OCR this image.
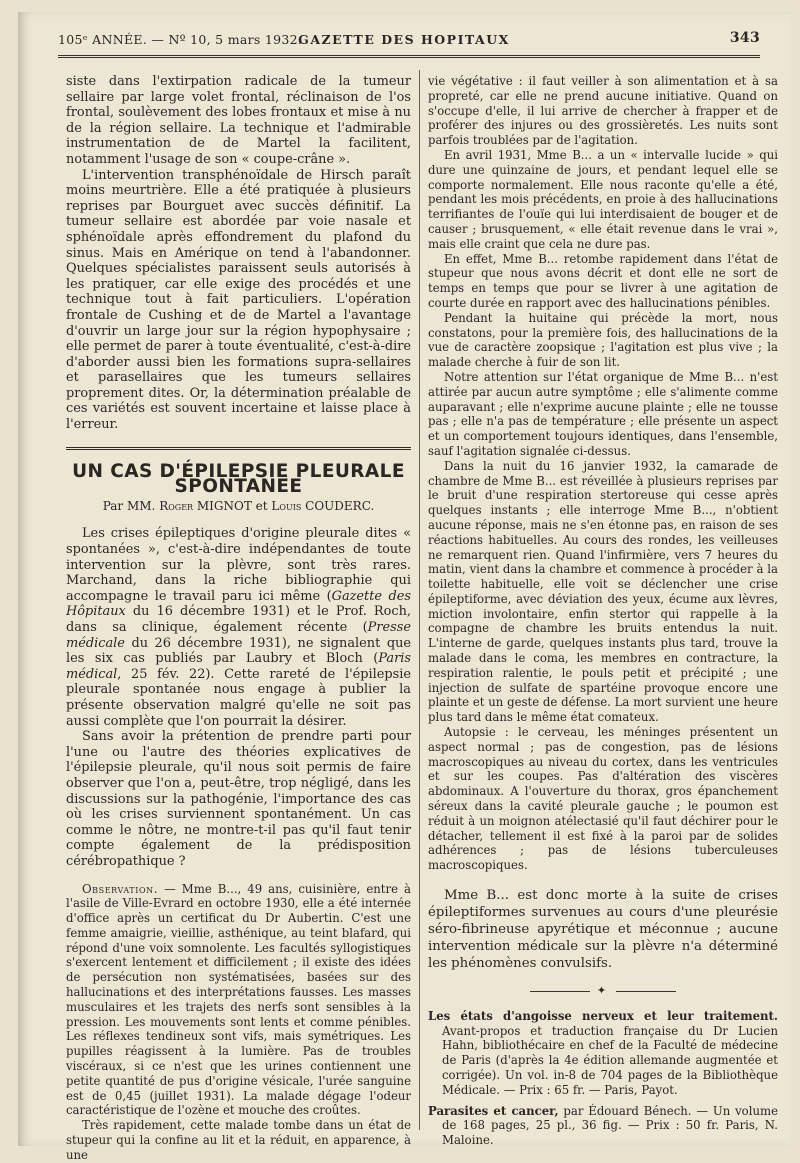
105ᵉ ANNÉE. — Nº 10, 5 mars 1932.
GAZETTE DES HOPITAUX	343

siste dans l'extirpation radicale de la tumeur sellaire par large volet frontal, réclinaison de l'os frontal, soulèvement des lobes frontaux et mise à nu de la région sellaire. La technique et l'admirable instrumentation de de Martel la facilitent, notamment l'usage de son « coupe-crâne ».

L'intervention transphénoïdale de Hirsch paraît moins meurtrière. Elle a été pratiquée à plusieurs reprises par Bourguet avec succès définitif. La tumeur sellaire est abordée par voie nasale et sphénoïdale après effondrement du plafond du sinus. Mais en Amérique on tend à l'abandonner. Quelques spécialistes paraissent seuls autorisés à les pratiquer, car elle exige des procédés et une technique tout à fait particuliers. L'opération frontale de Cushing et de de Martel a l'avantage d'ouvrir un large jour sur la région hypophysaire ; elle permet de parer à toute éventualité, c'est-à-dire d'aborder aussi bien les formations supra-sellaires et parasellaires que les tumeurs sellaires proprement dites. Or, la détermination préalable de ces variétés est souvent incertaine et laisse place à l'erreur.

UN CAS D'ÉPILEPSIE PLEURALE SPONTANÉE
Par MM. Roger MIGNOT et Louis COUDERC.

Les crises épileptiques d'origine pleurale dites « spontanées », c'est-à-dire indépendantes de toute intervention sur la plèvre, sont très rares. Marchand, dans la riche bibliographie qui accompagne le travail paru ici même (Gazette des Hôpitaux du 16 décembre 1931) et le Prof. Roch, dans sa clinique, également récente (Presse médicale du 26 décembre 1931), ne signalent que les six cas publiés par Laubry et Bloch (Paris médical, 25 fév. 22). Cette rareté de l'épilepsie pleurale spontanée nous engage à publier la présente observation malgré qu'elle ne soit pas aussi complète que l'on pourrait la désirer.

Sans avoir la prétention de prendre parti pour l'une ou l'autre des théories explicatives de l'épilepsie pleurale, qu'il nous soit permis de faire observer que l'on a, peut-être, trop négligé, dans les discussions sur la pathogénie, l'importance des cas où les crises surviennent spontanément. Un cas comme le nôtre, ne montre-t-il pas qu'il faut tenir compte également de la prédisposition cérébropathique ?

Observation. — Mme B..., 49 ans, cuisinière, entre à l'asile de Ville-Evrard en octobre 1930, elle a été internée d'office après un certificat du Dr Aubertin. C'est une femme amaigrie, vieillie, asthénique, au teint blafard, qui répond d'une voix somnolente. Les facultés syllogistiques s'exercent lentement et difficilement ; il existe des idées de persécution non systématisées, basées sur des hallucinations et des interprétations fausses. Les masses musculaires et les trajets des nerfs sont sensibles à la pression. Les mouvements sont lents et comme pénibles. Les réflexes tendineux sont vifs, mais symétriques. Les pupilles réagissent à la lumière. Pas de troubles viscéraux, si ce n'est que les urines contiennent une petite quantité de pus d'origine vésicale, l'urée sanguine est de 0,45 (juillet 1931). La malade dégage l'odeur caractéristique de l'ozène et mouche des croûtes.

Très rapidement, cette malade tombe dans un état de stupeur qui la confine au lit et la réduit, en apparence, à une

vie végétative : il faut veiller à son alimentation et à sa propreté, car elle ne prend aucune initiative. Quand on s'occupe d'elle, il lui arrive de chercher à frapper et de proférer des injures ou des grossièretés. Les nuits sont parfois troublées par de l'agitation.

En avril 1931, Mme B... a un « intervalle lucide » qui dure une quinzaine de jours, et pendant lequel elle se comporte normalement. Elle nous raconte qu'elle a été, pendant les mois précédents, en proie à des hallucinations terrifiantes de l'ouïe qui lui interdisaient de bouger et de causer ; brusquement, « elle était revenue dans le vrai », mais elle craint que cela ne dure pas.

En effet, Mme B... retombe rapidement dans l'état de stupeur que nous avons décrit et dont elle ne sort de temps en temps que pour se livrer à une agitation de courte durée en rapport avec des hallucinations pénibles.

Pendant la huitaine qui précède la mort, nous constatons, pour la première fois, des hallucinations de la vue de caractère zoopsique ; l'agitation est plus vive ; la malade cherche à fuir de son lit.

Notre attention sur l'état organique de Mme B... n'est attirée par aucun autre symptôme ; elle s'alimente comme auparavant ; elle n'exprime aucune plainte ; elle ne tousse pas ; elle n'a pas de température ; elle présente un aspect et un comportement toujours identiques, dans l'ensemble, sauf l'agitation signalée ci-dessus.

Dans la nuit du 16 janvier 1932, la camarade de chambre de Mme B... est réveillée à plusieurs reprises par le bruit d'une respiration stertoreuse qui cesse après quelques instants ; elle interroge Mme B..., n'obtient aucune réponse, mais ne s'en étonne pas, en raison de ses réactions habituelles. Au cours des rondes, les veilleuses ne remarquent rien. Quand l'infirmière, vers 7 heures du matin, vient dans la chambre et commence à procéder à la toilette habituelle, elle voit se déclencher une crise épileptiforme, avec déviation des yeux, écume aux lèvres, miction involontaire, enfin stertor qui rappelle à la compagne de chambre les bruits entendus la nuit. L'interne de garde, quelques instants plus tard, trouve la malade dans le coma, les membres en contracture, la respiration ralentie, le pouls petit et précipité ; une injection de sulfate de spartéine provoque encore une plainte et un geste de défense. La mort survient une heure plus tard dans le même état comateux.

Autopsie : le cerveau, les méninges présentent un aspect normal ; pas de congestion, pas de lésions macroscopiques au niveau du cortex, dans les ventricules et sur les coupes. Pas d'altération des viscères abdominaux. A l'ouverture du thorax, gros épanchement séreux dans la cavité pleurale gauche ; le poumon est réduit à un moignon atélectasié qu'il faut déchirer pour le détacher, tellement il est fixé à la paroi par de solides adhérences ; pas de lésions tuberculeuses macroscopiques.

Mme B... est donc morte à la suite de crises épileptiformes survenues au cours d'une pleurésie séro-fibrineuse apyrétique et méconnue ; aucune intervention médicale sur la plèvre n'a déterminé les phénomènes convulsifs.

✦

Les états d'angoisse nerveux et leur traitement. Avant-propos et traduction française du Dr Lucien Hahn, bibliothécaire en chef de la Faculté de médecine de Paris (d'après la 4e édition allemande augmentée et corrigée). Un vol. in-8 de 704 pages de la Bibliothèque Médicale. — Prix : 65 fr. — Paris, Payot.

Parasites et cancer, par Édouard Bénech. — Un volume de 168 pages, 25 pl., 36 fig. — Prix : 50 fr. Paris, N. Maloine.
